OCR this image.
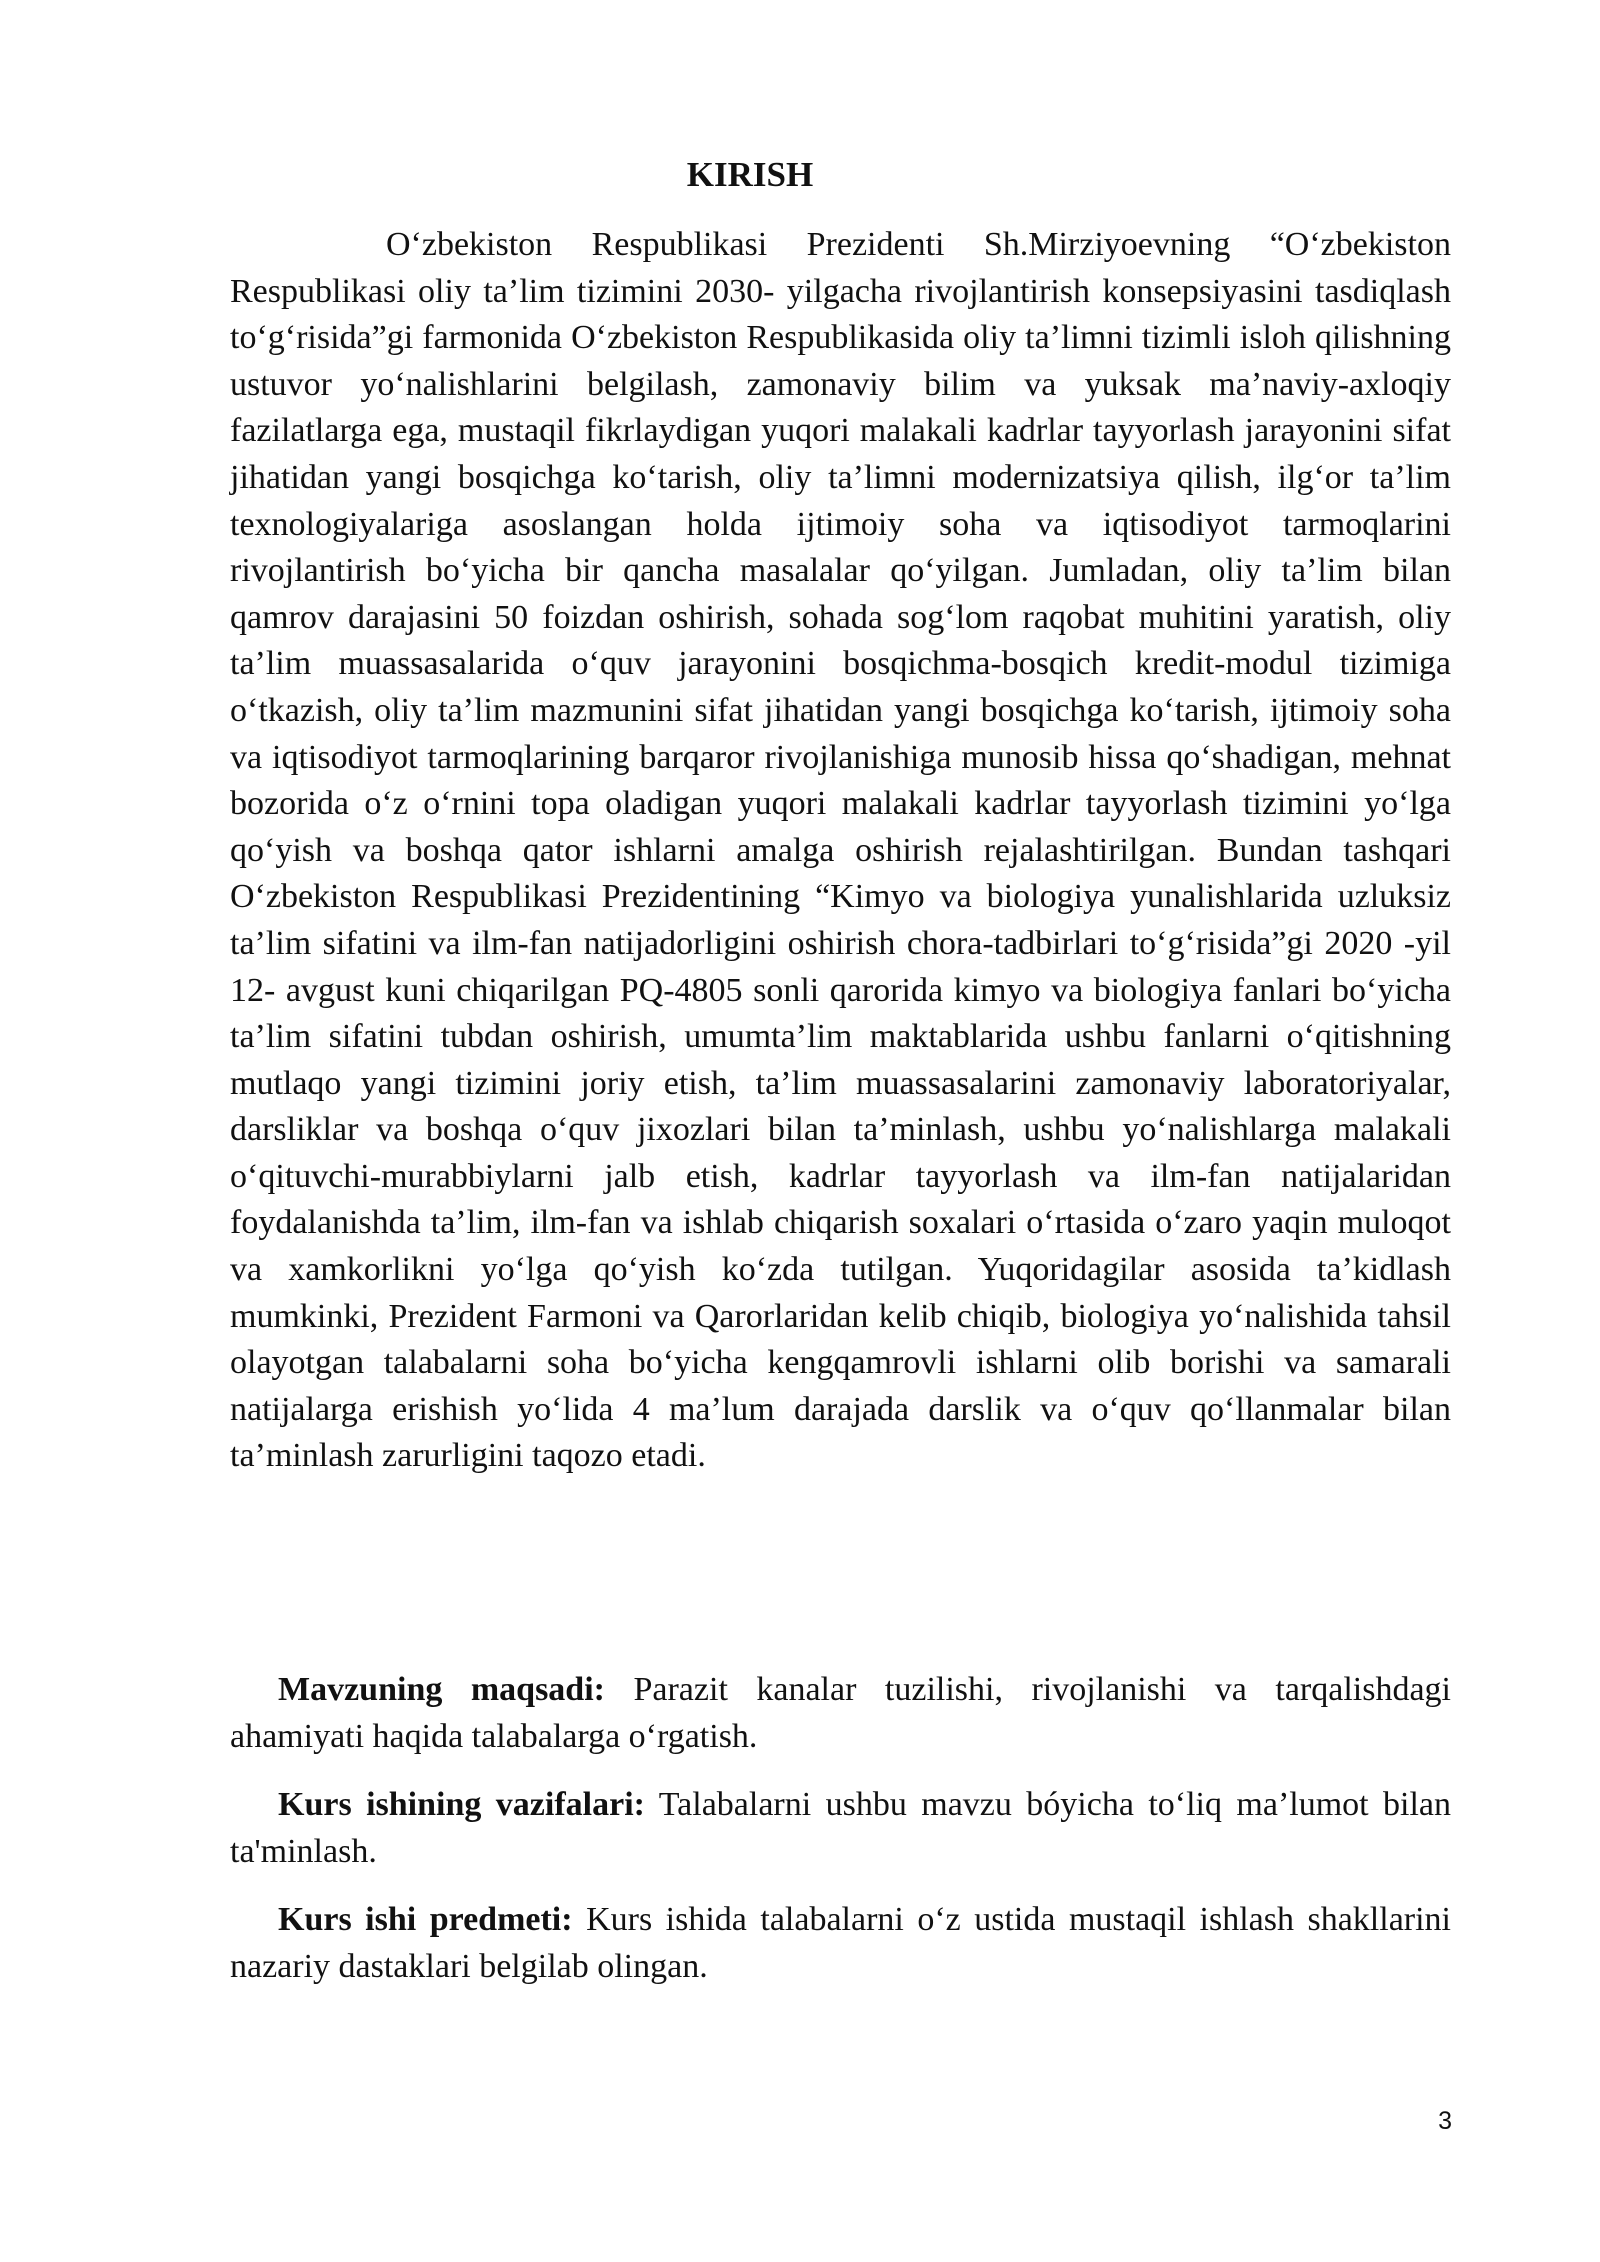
KIRISH

O‘zbekiston Respublikasi Prezidenti Sh.Mirziyoevning “O‘zbekiston Respublikasi oliy ta’lim tizimini 2030- yilgacha rivojlantirish konsepsiyasini tasdiqlash to‘g‘risida”gi farmonida O‘zbekiston Respublikasida oliy ta’limni tizimli isloh qilishning ustuvor yo‘nalishlarini belgilash, zamonaviy bilim va yuksak ma’naviy-axloqiy fazilatlarga ega, mustaqil fikrlaydigan yuqori malakali kadrlar tayyorlash jarayonini sifat jihatidan yangi bosqichga ko‘tarish, oliy ta’limni modernizatsiya qilish, ilg‘or ta’lim texnologiyalariga asoslangan holda ijtimoiy soha va iqtisodiyot tarmoqlarini rivojlantirish bo‘yicha bir qancha masalalar qo‘yilgan. Jumladan, oliy ta’lim bilan qamrov darajasini 50 foizdan oshirish, sohada sog‘lom raqobat muhitini yaratish, oliy ta’lim muassasalarida o‘quv jarayonini bosqichma-bosqich kredit-modul tizimiga o‘tkazish, oliy ta’lim mazmunini sifat jihatidan yangi bosqichga ko‘tarish, ijtimoiy soha va iqtisodiyot tarmoqlarining barqaror rivojlanishiga munosib hissa qo‘shadigan, mehnat bozorida o‘z o‘rnini topa oladigan yuqori malakali kadrlar tayyorlash tizimini yo‘lga qo‘yish va boshqa qator ishlarni amalga oshirish rejalashtirilgan. Bundan tashqari O‘zbekiston Respublikasi Prezidentining “Kimyo va biologiya yunalishlarida uzluksiz ta’lim sifatini va ilm-fan natijadorligini oshirish chora-tadbirlari to‘g‘risida”gi 2020 -yil 12- avgust kuni chiqarilgan PQ-4805 sonli qarorida kimyo va biologiya fanlari bo‘yicha ta’lim sifatini tubdan oshirish, umumta’lim maktablarida ushbu fanlarni o‘qitishning mutlaqo yangi tizimini joriy etish, ta’lim muassasalarini zamonaviy laboratoriyalar, darsliklar va boshqa o‘quv jixozlari bilan ta’minlash, ushbu yo‘nalishlarga malakali o‘qituvchi-murabbiylarni jalb etish, kadrlar tayyorlash va ilm-fan natijalaridan foydalanishda ta’lim, ilm-fan va ishlab chiqarish soxalari o‘rtasida o‘zaro yaqin muloqot va xamkorlikni yo‘lga qo‘yish ko‘zda tutilgan. Yuqoridagilar asosida ta’kidlash mumkinki, Prezident Farmoni va Qarorlaridan kelib chiqib, biologiya yo‘nalishida tahsil olayotgan talabalarni soha bo‘yicha kengqamrovli ishlarni olib borishi va samarali natijalarga erishish yo‘lida 4 ma’lum darajada darslik va o‘quv qo‘llanmalar bilan ta’minlash zarurligini taqozo etadi.

Mavzuning maqsadi: Parazit kanalar tuzilishi, rivojlanishi va tarqalishdagi ahamiyati haqida talabalarga o‘rgatish.

Kurs ishining vazifalari: Talabalarni ushbu mavzu bóyicha to‘liq ma’lumot bilan ta'minlash.

Kurs ishi predmeti: Kurs ishida talabalarni o‘z ustida mustaqil ishlash shakllarini nazariy dastaklari belgilab olingan.

3
